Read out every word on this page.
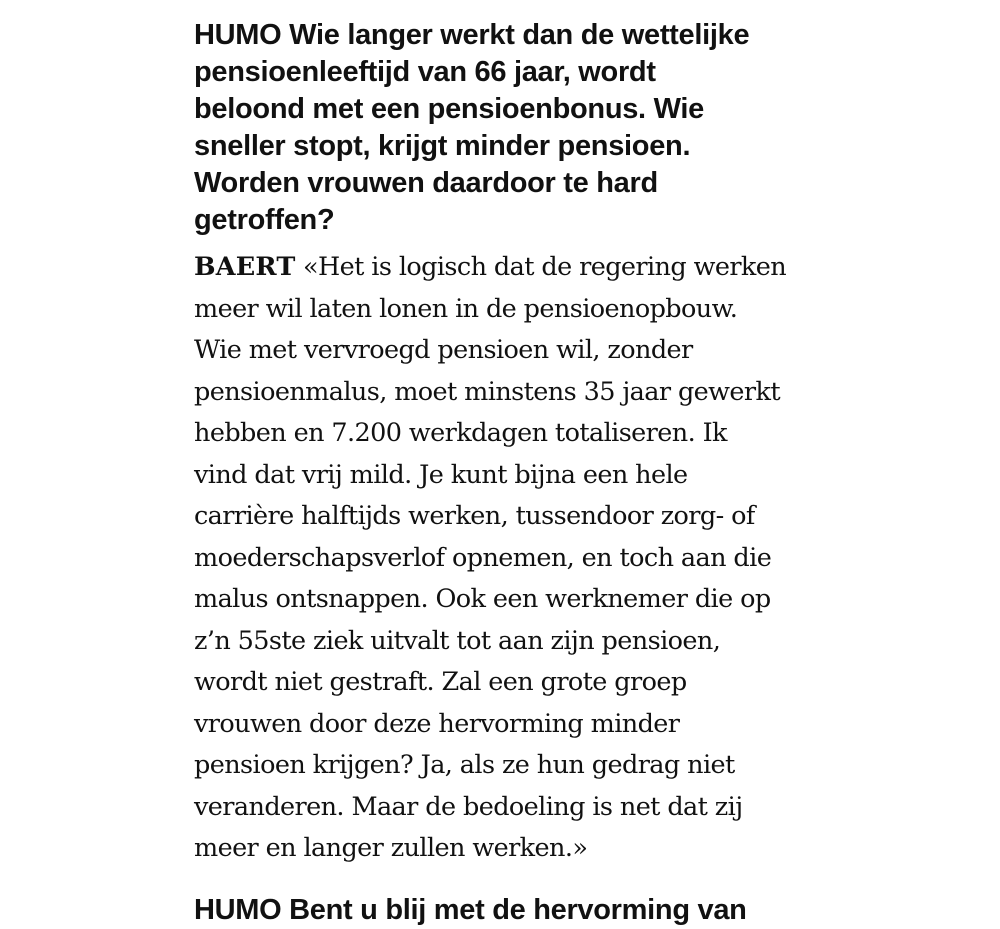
HUMO Wie langer werkt dan de wettelijke
pensioenleeftijd van 66 jaar, wordt
beloond met een pensioenbonus. Wie
sneller stopt, krijgt minder pensioen.
Worden vrouwen daardoor te hard
getroffen?

BAERT «Het is logisch dat de regering werken
meer wil laten lonen in de pensioenopbouw.
Wie met vervroegd pensioen wil, zonder
pensioenmalus, moet minstens 35 jaar gewerkt
hebben en 7.200 werkdagen totaliseren. Ik
vind dat vrij mild. Je kunt bijna een hele
carrière halftijds werken, tussendoor zorg- of
moederschapsverlof opnemen, en toch aan die
malus ontsnappen. Ook een werknemer die op
z’n 55ste ziek uitvalt tot aan zijn pensioen,
wordt niet gestraft. Zal een grote groep
vrouwen door deze hervorming minder
pensioen krijgen? Ja, als ze hun gedrag niet
veranderen. Maar de bedoeling is net dat zij
meer en langer zullen werken.»

HUMO Bent u blij met de hervorming van
